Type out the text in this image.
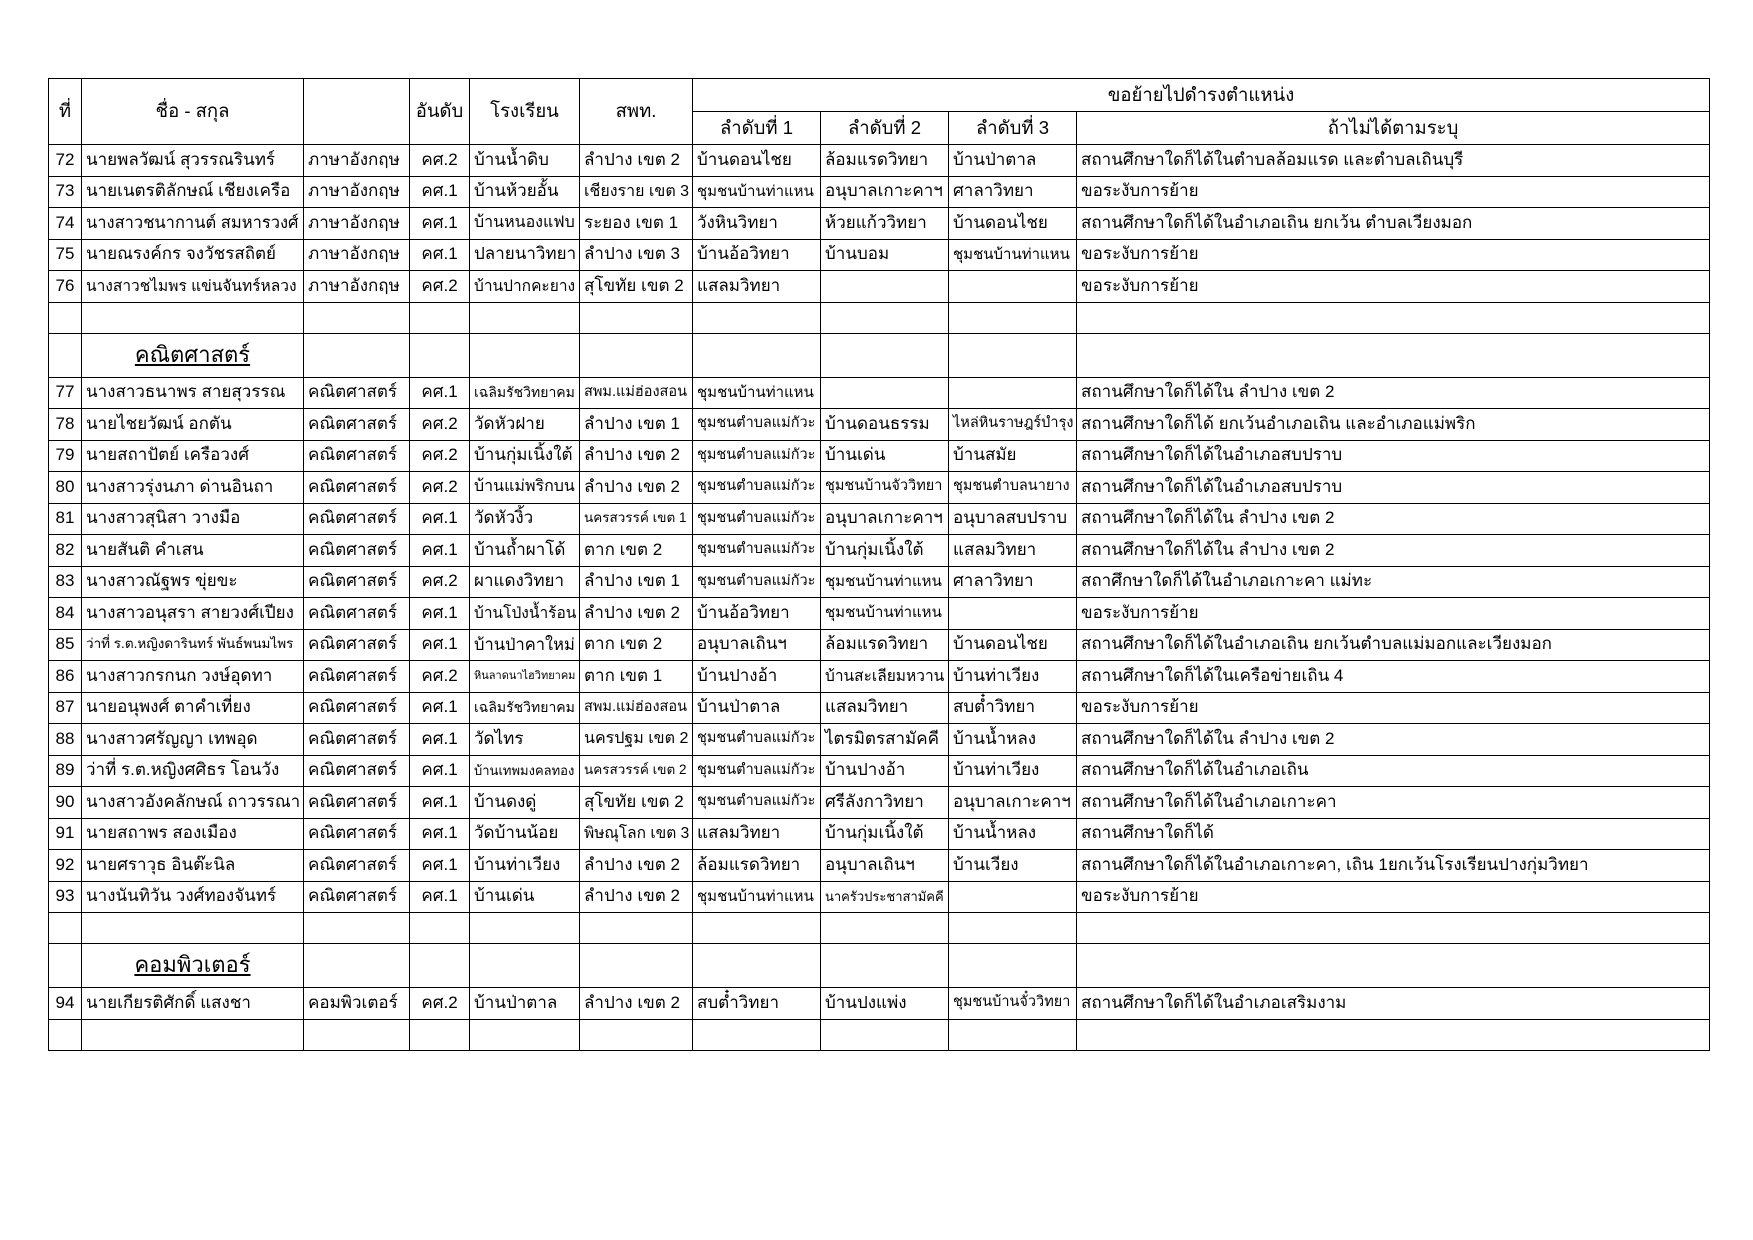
ที่	ชื่อ - สกุล		อันดับ	โรงเรียน	สพท.	ขอย้ายไปดำรงตำแหน่ง			
						ลำดับที่ 1	ลำดับที่ 2	ลำดับที่ 3	ถ้าไม่ได้ตามระบุ
72	นายพลวัฒน์ สุวรรณรินทร์	ภาษาอังกฤษ	คศ.2	บ้านน้ำดิบ	ลำปาง เขต 2	บ้านดอนไชย	ล้อมแรดวิทยา	บ้านป่าตาล	สถานศึกษาใดก็ได้ในตำบลล้อมแรด และตำบลเถินบุรี
73	นายเนตรติลักษณ์ เชียงเครือ	ภาษาอังกฤษ	คศ.1	บ้านห้วยอั้น	เชียงราย เขต 3	ชุมชนบ้านท่าแหน	อนุบาลเกาะคาฯ	ศาลาวิทยา	ขอระงับการย้าย
74	นางสาวชนากานต์ สมหารวงศ์	ภาษาอังกฤษ	คศ.1	บ้านหนองแฟบ	ระยอง เขต 1	วังหินวิทยา	ห้วยแก้ววิทยา	บ้านดอนไชย	สถานศึกษาใดก็ได้ในอำเภอเถิน ยกเว้น ตำบลเวียงมอก
75	นายณรงค์กร จงวัชรสถิตย์	ภาษาอังกฤษ	คศ.1	ปลายนาวิทยา	ลำปาง เขต 3	บ้านอ้อวิทยา	บ้านบอม	ชุมชนบ้านท่าแหน	ขอระงับการย้าย
76	นางสาวชไมพร แข่นจันทร์หลวง	ภาษาอังกฤษ	คศ.2	บ้านปากคะยาง	สุโขทัย เขต 2	แสลมวิทยา			ขอระงับการย้าย

	คณิตศาสตร์								
77	นางสาวธนาพร สายสุวรรณ	คณิตศาสตร์	คศ.1	เฉลิมรัชวิทยาคม	สพม.แม่ฮ่องสอน	ชุมชนบ้านท่าแหน			สถานศึกษาใดก็ได้ใน ลำปาง เขต 2
78	นายไชยวัฒน์ อกตัน	คณิตศาสตร์	คศ.2	วัดหัวฝาย	ลำปาง เขต 1	ชุมชนตำบลแม่กัวะ	บ้านดอนธรรม	ไหล่หินราษฎร์บำรุง	สถานศึกษาใดก็ได้ ยกเว้นอำเภอเถิน และอำเภอแม่พริก
79	นายสถาปัตย์ เครือวงศ์	คณิตศาสตร์	คศ.2	บ้านกุ่มเนิ้งใต้	ลำปาง เขต 2	ชุมชนตำบลแม่กัวะ	บ้านเด่น	บ้านสมัย	สถานศึกษาใดก็ได้ในอำเภอสบปราบ
80	นางสาวรุ่งนภา ด่านอินถา	คณิตศาสตร์	คศ.2	บ้านแม่พริกบน	ลำปาง เขต 2	ชุมชนตำบลแม่กัวะ	ชุมชนบ้านจัววิทยา	ชุมชนตำบลนายาง	สถานศึกษาใดก็ได้ในอำเภอสบปราบ
81	นางสาวสุนิสา วางมือ	คณิตศาสตร์	คศ.1	วัดหัวงิ้ว	นครสวรรค์ เขต 1	ชุมชนตำบลแม่กัวะ	อนุบาลเกาะคาฯ	อนุบาลสบปราบ	สถานศึกษาใดก็ได้ใน ลำปาง เขต 2
82	นายสันติ คำเสน	คณิตศาสตร์	คศ.1	บ้านถ้ำผาโด้	ตาก เขต 2	ชุมชนตำบลแม่กัวะ	บ้านกุ่มเนิ้งใต้	แสลมวิทยา	สถานศึกษาใดก็ได้ใน ลำปาง เขต 2
83	นางสาวณัฐพร ขุ่ยขะ	คณิตศาสตร์	คศ.2	ผาแดงวิทยา	ลำปาง เขต 1	ชุมชนตำบลแม่กัวะ	ชุมชนบ้านท่าแหน	ศาลาวิทยา	สถาศึกษาใดก็ได้ในอำเภอเกาะคา แม่ทะ
84	นางสาวอนุสรา สายวงศ์เปียง	คณิตศาสตร์	คศ.1	บ้านโป่งน้ำร้อน	ลำปาง เขต 2	บ้านอ้อวิทยา	ชุมชนบ้านท่าแหน		ขอระงับการย้าย
85	ว่าที่ ร.ต.หญิงดารินทร์ พันธ์พนมไพร	คณิตศาสตร์	คศ.1	บ้านป่าคาใหม่	ตาก เขต 2	อนุบาลเถินฯ	ล้อมแรดวิทยา	บ้านดอนไชย	สถานศึกษาใดก็ได้ในอำเภอเถิน ยกเว้นตำบลแม่มอกและเวียงมอก
86	นางสาวกรกนก วงษ์อุดทา	คณิตศาสตร์	คศ.2	หินลาดนาไฮวิทยาคม	ตาก เขต 1	บ้านปางอ้า	บ้านสะเลียมหวาน	บ้านท่าเวียง	สถานศึกษาใดก็ได้ในเครือข่ายเถิน 4
87	นายอนุพงศ์ ตาคำเที่ยง	คณิตศาสตร์	คศ.1	เฉลิมรัชวิทยาคม	สพม.แม่ฮ่องสอน	บ้านป่าตาล	แสลมวิทยา	สบต๋ำวิทยา	ขอระงับการย้าย
88	นางสาวศรัญญา เทพอุด	คณิตศาสตร์	คศ.1	วัดไทร	นครปฐม เขต 2	ชุมชนตำบลแม่กัวะ	ไตรมิตรสามัคคี	บ้านน้ำหลง	สถานศึกษาใดก็ได้ใน ลำปาง เขต 2
89	ว่าที่ ร.ต.หญิงศศิธร โอนวัง	คณิตศาสตร์	คศ.1	บ้านเทพมงคลทอง	นครสวรรค์ เขต 2	ชุมชนตำบลแม่กัวะ	บ้านปางอ้า	บ้านท่าเวียง	สถานศึกษาใดก็ได้ในอำเภอเถิน
90	นางสาวอังคลักษณ์ ถาวรรณา	คณิตศาสตร์	คศ.1	บ้านดงดู่	สุโขทัย เขต 2	ชุมชนตำบลแม่กัวะ	ศรีลังกาวิทยา	อนุบาลเกาะคาฯ	สถานศึกษาใดก็ได้ในอำเภอเกาะคา
91	นายสถาพร สองเมือง	คณิตศาสตร์	คศ.1	วัดบ้านน้อย	พิษณุโลก เขต 3	แสลมวิทยา	บ้านกุ่มเนิ้งใต้	บ้านน้ำหลง	สถานศึกษาใดก็ได้
92	นายศราวุธ อินต๊ะนิล	คณิตศาสตร์	คศ.1	บ้านท่าเวียง	ลำปาง เขต 2	ล้อมแรดวิทยา	อนุบาลเถินฯ	บ้านเวียง	สถานศึกษาใดก็ได้ในอำเภอเกาะคา, เถิน 1ยกเว้นโรงเรียนปางกุ่มวิทยา
93	นางนันทิวัน วงศ์ทองจันทร์	คณิตศาสตร์	คศ.1	บ้านเด่น	ลำปาง เขต 2	ชุมชนบ้านท่าแหน	นาครัวประชาสามัคคี		ขอระงับการย้าย

	คอมพิวเตอร์								
94	นายเกียรติศักดิ์ แสงชา	คอมพิวเตอร์	คศ.2	บ้านป่าตาล	ลำปาง เขต 2	สบต๋ำวิทยา	บ้านปงแพ่ง	ชุมชนบ้านจั๋ววิทยา	สถานศึกษาใดก็ได้ในอำเภอเสริมงาม
